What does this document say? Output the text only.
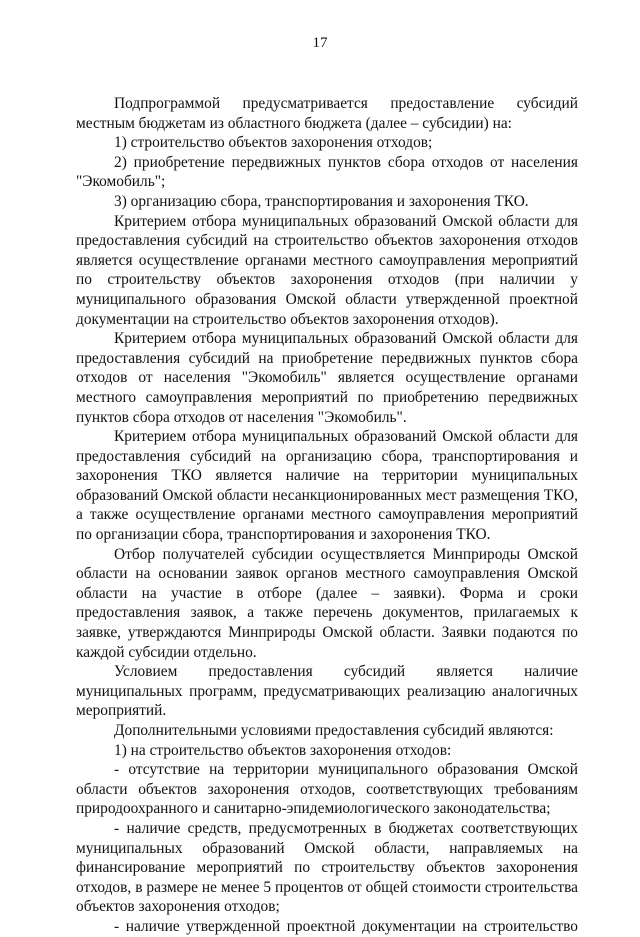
17

Подпрограммой предусматривается предоставление субсидий местным бюджетам из областного бюджета (далее – субсидии) на:

1) строительство объектов захоронения отходов;

2) приобретение передвижных пунктов сбора отходов от населения "Экомобиль";

3) организацию сбора, транспортирования и захоронения ТКО.

Критерием отбора муниципальных образований Омской области для предоставления субсидий на строительство объектов захоронения отходов является осуществление органами местного самоуправления мероприятий по строительству объектов захоронения отходов (при наличии у муниципального образования Омской области утвержденной проектной документации на строительство объектов захоронения отходов).

Критерием отбора муниципальных образований Омской области для предоставления субсидий на приобретение передвижных пунктов сбора отходов от населения "Экомобиль" является осуществление органами местного самоуправления мероприятий по приобретению передвижных пунктов сбора отходов от населения "Экомобиль".

Критерием отбора муниципальных образований Омской области для предоставления субсидий на организацию сбора, транспортирования и захоронения ТКО является наличие на территории муниципальных образований Омской области несанкционированных мест размещения ТКО, а также осуществление органами местного самоуправления мероприятий по организации сбора, транспортирования и захоронения ТКО.

Отбор получателей субсидии осуществляется Минприроды Омской области на основании заявок органов местного самоуправления Омской области на участие в отборе (далее – заявки). Форма и сроки предоставления заявок, а также перечень документов, прилагаемых к заявке, утверждаются Минприроды Омской области. Заявки подаются по каждой субсидии отдельно.

Условием предоставления субсидий является наличие муниципальных программ, предусматривающих реализацию аналогичных мероприятий.

Дополнительными условиями предоставления субсидий являются:

1) на строительство объектов захоронения отходов:

- отсутствие на территории муниципального образования Омской области объектов захоронения отходов, соответствующих требованиям природоохранного и санитарно-эпидемиологического законодательства;

- наличие средств, предусмотренных в бюджетах соответствующих муниципальных образований Омской области, направляемых на финансирование мероприятий по строительству объектов захоронения отходов, в размере не менее 5 процентов от общей стоимости строительства объектов захоронения отходов;

- наличие утвержденной проектной документации на строительство
